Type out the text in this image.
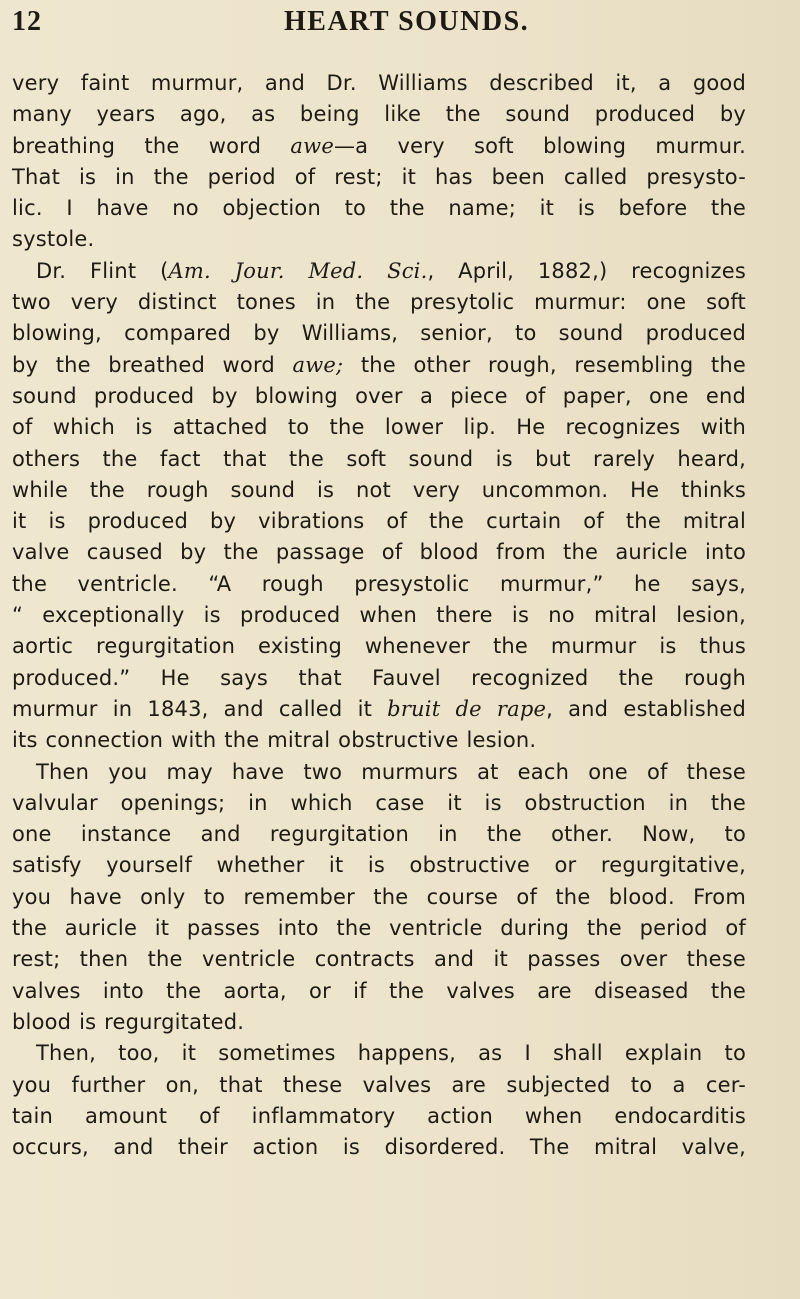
12	HEART SOUNDS.
very faint murmur, and Dr. Williams described it, a good
many years ago, as being like the sound produced by
breathing the word awe—a very soft blowing murmur.
That is in the period of rest; it has been called presysto-
lic. I have no objection to the name; it is before the
systole.
Dr. Flint (Am. Jour. Med. Sci., April, 1882,) recognizes
two very distinct tones in the presytolic murmur: one soft
blowing, compared by Williams, senior, to sound produced
by the breathed word awe; the other rough, resembling the
sound produced by blowing over a piece of paper, one end
of which is attached to the lower lip. He recognizes with
others the fact that the soft sound is but rarely heard,
while the rough sound is not very uncommon. He thinks
it is produced by vibrations of the curtain of the mitral
valve caused by the passage of blood from the auricle into
the ventricle. “A rough presystolic murmur,” he says,
“ exceptionally is produced when there is no mitral lesion,
aortic regurgitation existing whenever the murmur is thus
produced.” He says that Fauvel recognized the rough
murmur in 1843, and called it bruit de rape, and established
its connection with the mitral obstructive lesion.
Then you may have two murmurs at each one of these
valvular openings; in which case it is obstruction in the
one instance and regurgitation in the other. Now, to
satisfy yourself whether it is obstructive or regurgitative,
you have only to remember the course of the blood. From
the auricle it passes into the ventricle during the period of
rest; then the ventricle contracts and it passes over these
valves into the aorta, or if the valves are diseased the
blood is regurgitated.
Then, too, it sometimes happens, as I shall explain to
you further on, that these valves are subjected to a cer-
tain amount of inflammatory action when endocarditis
occurs, and their action is disordered. The mitral valve,
